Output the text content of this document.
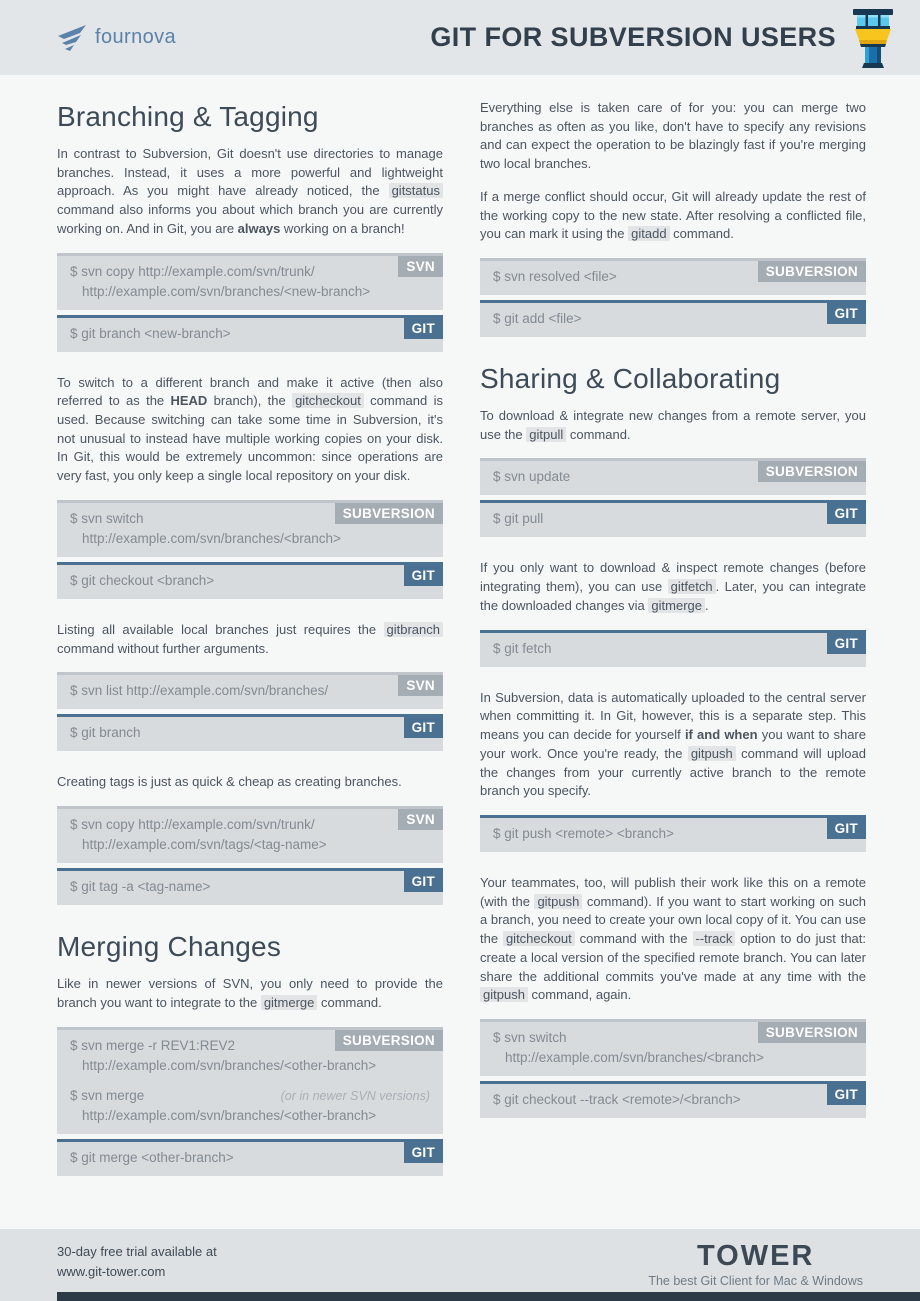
fournova	GIT FOR SUBVERSION USERS
Branching & Tagging

In contrast to Subversion, Git doesn't use directories to manage branches. Instead, it uses a more powerful and lightweight approach. As you might have already noticed, the gitstatus command also informs you about which branch you are currently working on. And in Git, you are always working on a branch!

SVN
$ svn copy http://example.com/svn/trunk/
http://example.com/svn/branches/<new-branch>
GIT
$ git branch <new-branch>

To switch to a different branch and make it active (then also referred to as the HEAD branch), the gitcheckout command is used. Because switching can take some time in Subversion, it's not unusual to instead have multiple working copies on your disk. In Git, this would be extremely uncommon: since operations are very fast, you only keep a single local repository on your disk.

SUBVERSION
$ svn switch
http://example.com/svn/branches/<branch>
GIT
$ git checkout <branch>

Listing all available local branches just requires the gitbranch command without further arguments.

SVN
$ svn list http://example.com/svn/branches/
GIT
$ git branch

Creating tags is just as quick & cheap as creating branches.

SVN
$ svn copy http://example.com/svn/trunk/
http://example.com/svn/tags/<tag-name>
GIT
$ git tag -a <tag-name>
Merging Changes

Like in newer versions of SVN, you only need to provide the branch you want to integrate to the gitmerge command.

SUBVERSION
$ svn merge -r REV1:REV2
http://example.com/svn/branches/<other-branch>
$ svn merge	(or in newer SVN versions)
http://example.com/svn/branches/<other-branch>
GIT
$ git merge <other-branch>

Everything else is taken care of for you: you can merge two branches as often as you like, don't have to specify any revisions and can expect the operation to be blazingly fast if you're merging two local branches.

If a merge conflict should occur, Git will already update the rest of the working copy to the new state. After resolving a conflicted file, you can mark it using the gitadd command.

SUBVERSION
$ svn resolved <file>
GIT
$ git add <file>
Sharing & Collaborating

To download & integrate new changes from a remote server, you use the gitpull command.

SUBVERSION
$ svn update
GIT
$ git pull

If you only want to download & inspect remote changes (before integrating them), you can use gitfetch . Later, you can integrate the downloaded changes via gitmerge .

GIT
$ git fetch

In Subversion, data is automatically uploaded to the central server when committing it. In Git, however, this is a separate step. This means you can decide for yourself if and when you want to share your work. Once you're ready, the gitpush command will upload the changes from your currently active branch to the remote branch you specify.

GIT
$ git push <remote> <branch>

Your teammates, too, will publish their work like this on a remote (with the gitpush command). If you want to start working on such a branch, you need to create your own local copy of it. You can use the gitcheckout command with the --track option to do just that: create a local version of the specified remote branch. You can later share the additional commits you've made at any time with the gitpush command, again.

SUBVERSION
$ svn switch
http://example.com/svn/branches/<branch>
GIT
$ git checkout --track <remote>/<branch>
30-day free trial available at
www.git-tower.com	TOWER
The best Git Client for Mac & Windows
